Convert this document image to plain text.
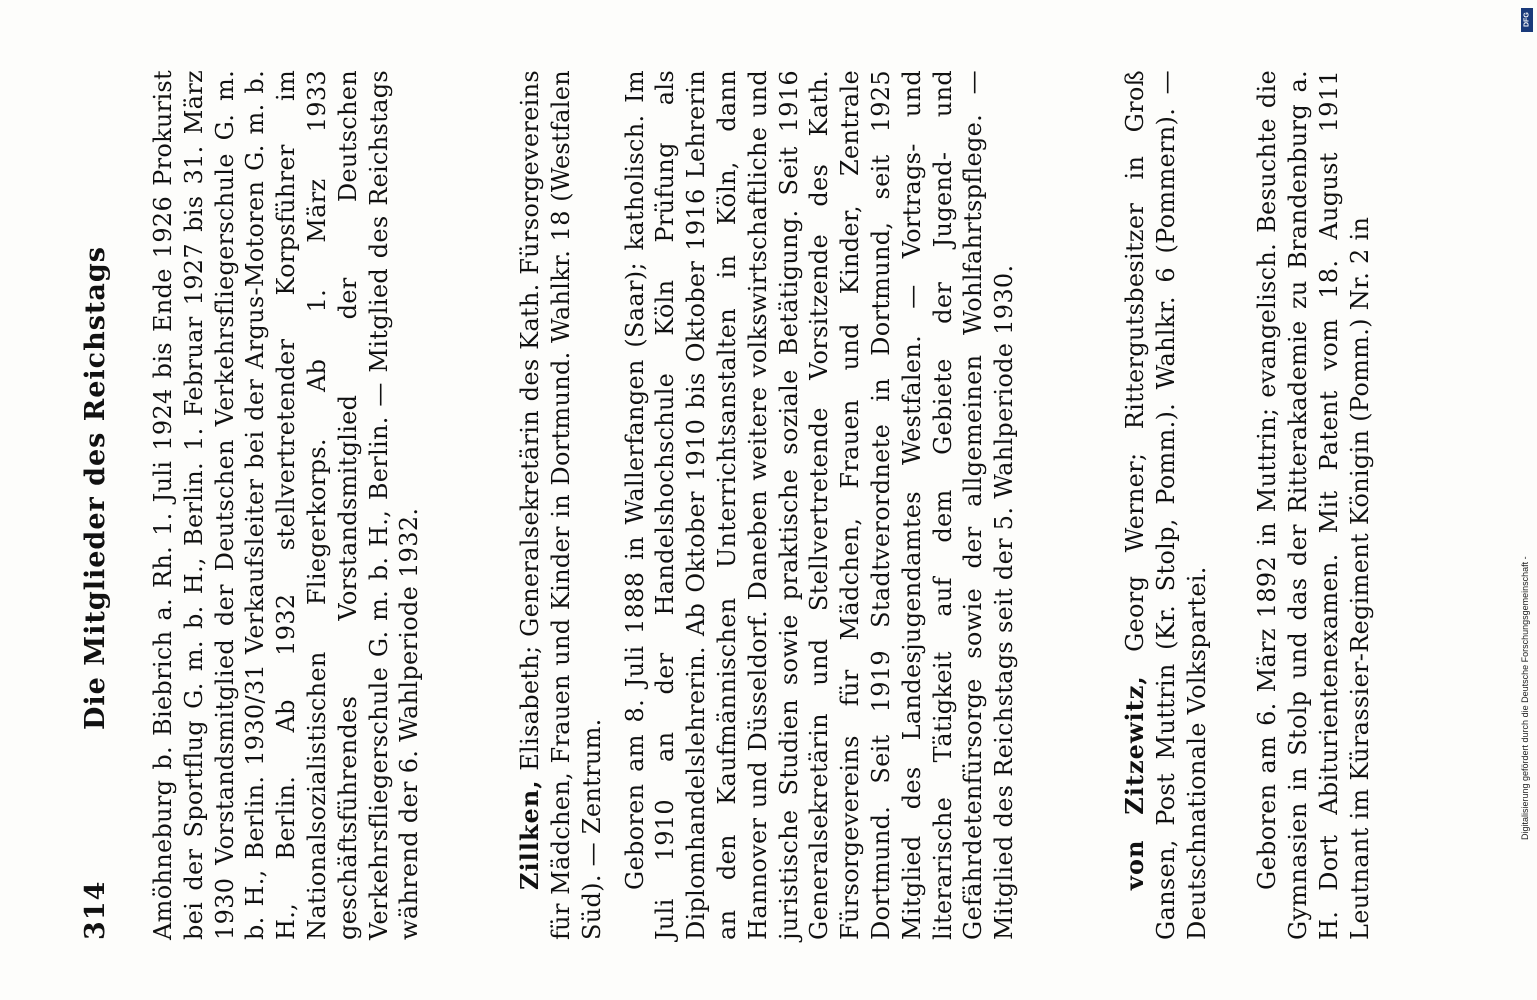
314
Die Mitglieder des Reichstags Amöhneburg b. Biebrich a. Rh. 1. Juli 1924 bis Ende 1926 Prokurist bei der Sportflug G. m. b. H., Berlin. 1. Februar 1927 bis 31. März 1930 Vorstandsmitglied der Deutschen Verkehrsfliegerschule G. m. b. H., Berlin. 1930/31 Verkaufsleiter bei der Argus-Motoren G. m. b. H., Berlin. Ab 1932 stellvertretender Korpsführer im Nationalsozialistischen Fliegerkorps. Ab 1. März 1933 geschäftsführendes Vorstandsmitglied der Deutschen Verkehrsfliegerschule G. m. b. H., Berlin. — Mitglied des Reichstags während der 6. Wahlperiode 1932.	Zillken, Elisabeth; Generalsekretärin des Kath. Fürsorgevereins für Mädchen, Frauen und Kinder in Dortmund. Wahlkr. 18 (Westfalen Süd). — Zentrum. Geboren am 8. Juli 1888 in Wallerfangen (Saar); katholisch. Im Juli 1910 an der Handelshochschule Köln Prüfung als Diplomhandelslehrerin. Ab Oktober 1910 bis Oktober 1916 Lehrerin an den Kaufmännischen Unterrichtsanstalten in Köln, dann Hannover und Düsseldorf. Daneben weitere volkswirtschaftliche und juristische Studien sowie praktische soziale Betätigung. Seit 1916 Generalsekretärin und Stellvertretende Vorsitzende des Kath. Fürsorgevereins für Mädchen, Frauen und Kinder, Zentrale Dortmund. Seit 1919 Stadtverordnete in Dortmund, seit 1925 Mitglied des Landesjugendamtes Westfalen. — Vortrags- und literarische Tätigkeit auf dem Gebiete der Jugend- und Gefährdetenfürsorge sowie der allgemeinen Wohlfahrtspflege. — Mitglied des Reichstags seit der 5. Wahlperiode 1930.	von Zitzewitz, Georg Werner; Rittergutsbesitzer in Groß Gansen, Post Muttrin (Kr. Stolp, Pomm.). Wahlkr. 6 (Pommern). — Deutschnationale Volkspartei. Geboren am 6. März 1892 in Muttrin; evangelisch. Besuchte die Gymnasien in Stolp und das der Ritterakademie zu Brandenburg a. H. Dort Abiturientenexamen. Mit Patent vom 18. August 1911 Leutnant im Kürassier-Regiment Königin (Pomm.) Nr. 2 in	Digitalisierung gefördert durch die Deutsche Forschungsgemeinschaft -
DFG
